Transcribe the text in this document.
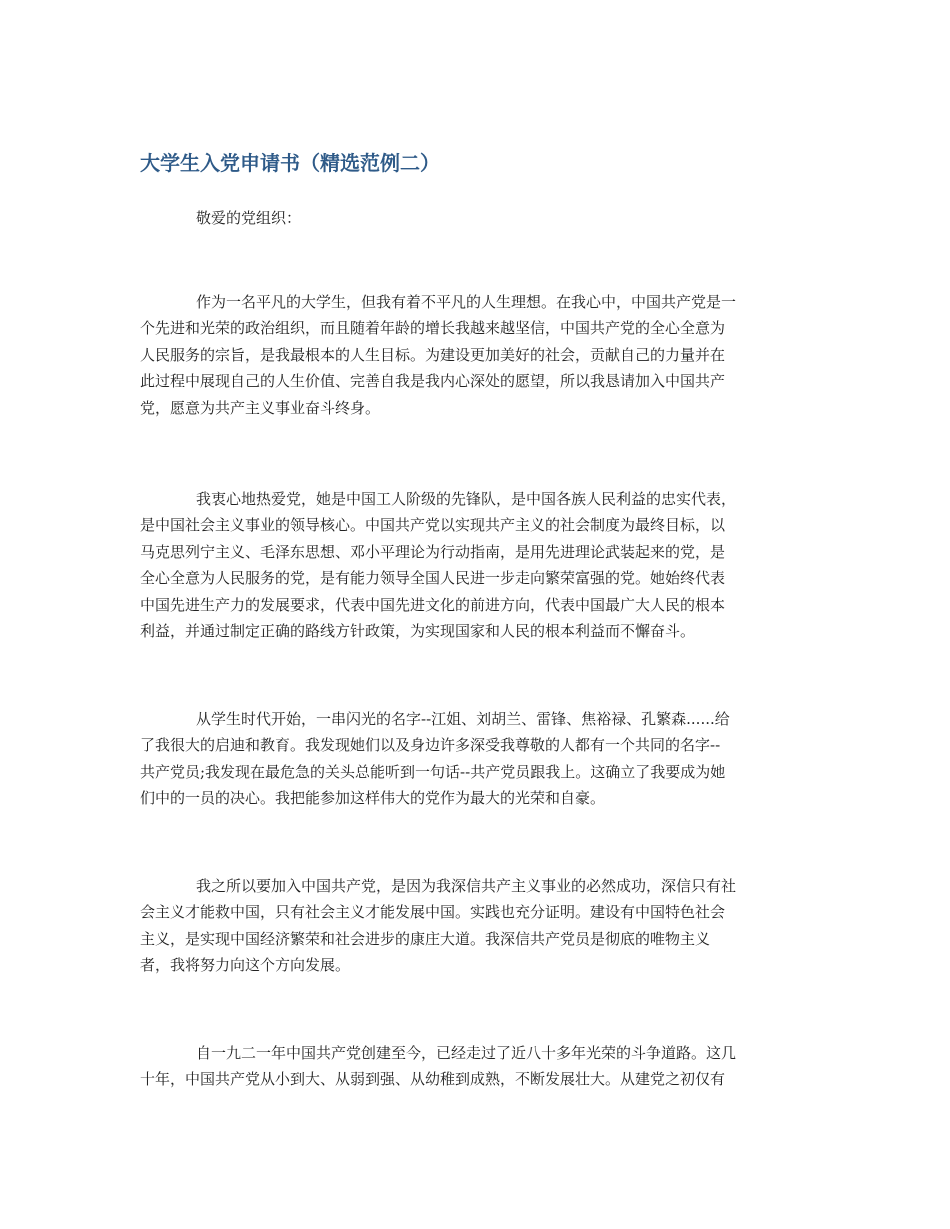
大学生入党申请书（精选范例二）
敬爱的党组织：
作为一名平凡的大学生，但我有着不平凡的人生理想。在我心中，中国共产党是一
个先进和光荣的政治组织，而且随着年龄的增长我越来越坚信，中国共产党的全心全意为
人民服务的宗旨，是我最根本的人生目标。为建设更加美好的社会，贡献自己的力量并在
此过程中展现自己的人生价值、完善自我是我内心深处的愿望，所以我恳请加入中国共产
党，愿意为共产主义事业奋斗终身。
我衷心地热爱党，她是中国工人阶级的先锋队，是中国各族人民利益的忠实代表，
是中国社会主义事业的领导核心。中国共产党以实现共产主义的社会制度为最终目标，以
马克思列宁主义、毛泽东思想、邓小平理论为行动指南，是用先进理论武装起来的党，是
全心全意为人民服务的党，是有能力领导全国人民进一步走向繁荣富强的党。她始终代表
中国先进生产力的发展要求，代表中国先进文化的前进方向，代表中国最广大人民的根本
利益，并通过制定正确的路线方针政策，为实现国家和人民的根本利益而不懈奋斗。
从学生时代开始，一串闪光的名字--江姐、刘胡兰、雷锋、焦裕禄、孔繁森......给
了我很大的启迪和教育。我发现她们以及身边许多深受我尊敬的人都有一个共同的名字--
共产党员;我发现在最危急的关头总能听到一句话--共产党员跟我上。这确立了我要成为她
们中的一员的决心。我把能参加这样伟大的党作为最大的光荣和自豪。
我之所以要加入中国共产党，是因为我深信共产主义事业的必然成功，深信只有社
会主义才能救中国，只有社会主义才能发展中国。实践也充分证明。建设有中国特色社会
主义，是实现中国经济繁荣和社会进步的康庄大道。我深信共产党员是彻底的唯物主义
者，我将努力向这个方向发展。
自一九二一年中国共产党创建至今，已经走过了近八十多年光荣的斗争道路。这几
十年，中国共产党从小到大、从弱到强、从幼稚到成熟，不断发展壮大。从建党之初仅有
